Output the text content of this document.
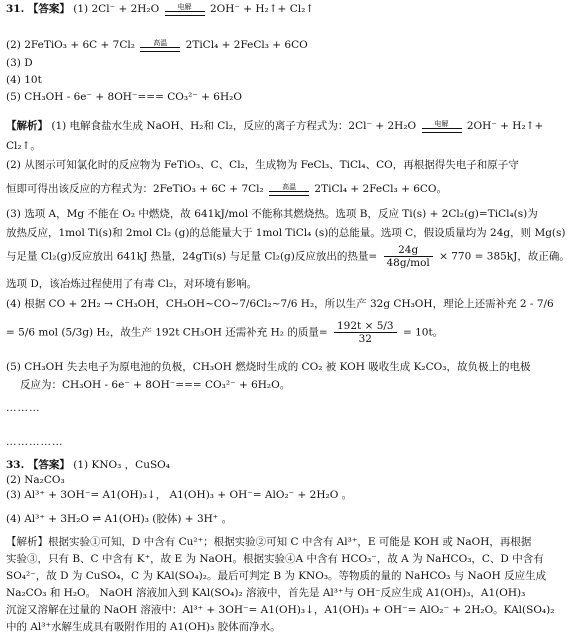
31. 【答案】 (1) 2Cl⁻ + 2H₂O	电解	2OH⁻ + H₂↑+ Cl₂↑
(2) 2FeTiO₃ + 6C + 7Cl₂	高温	2TiCl₄ + 2FeCl₃ + 6CO
(3) D
(4) 10t
(5) CH₃OH - 6e⁻ + 8OH⁻=== CO₃²⁻ + 6H₂O
【解析】 (1) 电解食盐水生成 NaOH、H₂和 Cl₂，反应的离子方程式为：2Cl⁻ + 2H₂O	电解	2OH⁻ + H₂↑+
Cl₂↑。
(2) 从图示可知氯化时的反应物为 FeTiO₃、C、Cl₂，生成物为 FeCl₃、TiCl₄、CO，再根据得失电子和原子守
恒即可得出该反应的方程式为：2FeTiO₃ + 6C + 7Cl₂	高温	2TiCl₄ + 2FeCl₃ + 6CO。
(3) 选项 A，Mg 不能在 O₂ 中燃烧，故 641kJ/mol 不能称其燃烧热。选项 B，反应 Ti(s) + 2Cl₂(g)=TiCl₄(s)为
放热反应，1mol Ti(s)和 2mol Cl₂ (g)的总能量大于 1mol TiCl₄ (s)的总能量。选项 C，假设质量均为 24g，则 Mg(s)
与足量 Cl₂(g)反应放出 641kJ 热量，24gTi(s) 与足量 Cl₂(g)反应放出的热量= $\frac{24g}{\text{48g/mol}} \times 770 = 385kJ$，故正确。
选项 D，该冶炼过程使用了有毒 Cl₂，对环境有影响。
(4) 根据 CO + 2H₂ → CH₃OH，CH₃OH~CO~7/6Cl₂~7/6 H₂，所以生产 32g CH₃OH，理论上还需补充 2 - 7/6
= 5/6 mol (5/3g) H₂，故生产 192t CH₃OH 还需补充 H₂ 的质量= $\frac{192t \times 5/3}{32} = 10t$。
(5) CH₃OH 失去电子为原电池的负极，CH₃OH 燃烧时生成的 CO₂ 被 KOH 吸收生成 K₂CO₃，故负极上的电极
反应为：CH₃OH - 6e⁻ + 8OH⁻=== CO₃²⁻ + 6H₂O。
………
……………
33. 【答案】 (1) KNO₃ ，CuSO₄
(2) Na₂CO₃
(3) Al³⁺ + 3OH⁻= A1(OH)₃↓， A1(OH)₃ + OH⁻= AlO₂⁻ + 2H₂O 。
(4) Al³⁺ + 3H₂O ⇌ A1(OH)₃ (胶体) + 3H⁺ 。
【解析】根据实验①可知，D 中含有 Cu²⁺；根据实验②可知 C 中含有 Al³⁺，E 可能是 KOH 或 NaOH，再根据
实验③，只有 B、C 中含有 K⁺，故 E 为 NaOH。根据实验④A 中含有 HCO₃⁻，故 A 为 NaHCO₃，C、D 中含有
SO₄²⁻，故 D 为 CuSO₄，C 为 KAl(SO₄)₂。最后可判定 B 为 KNO₃。等物质的量的 NaHCO₃ 与 NaOH 反应生成
Na₂CO₃ 和 H₂O。 NaOH 溶液加入到 KAl(SO₄)₂ 溶液中，首先是 Al³⁺与 OH⁻反应生成 A1(OH)₃，A1(OH)₃
沉淀又溶解在过量的 NaOH 溶液中：Al³⁺ + 3OH⁻= A1(OH)₃↓，A1(OH)₃ + OH⁻= AlO₂⁻ + 2H₂O。KAl(SO₄)₂
中的 Al³⁺水解生成具有吸附作用的 A1(OH)₃ 胶体而净水。
